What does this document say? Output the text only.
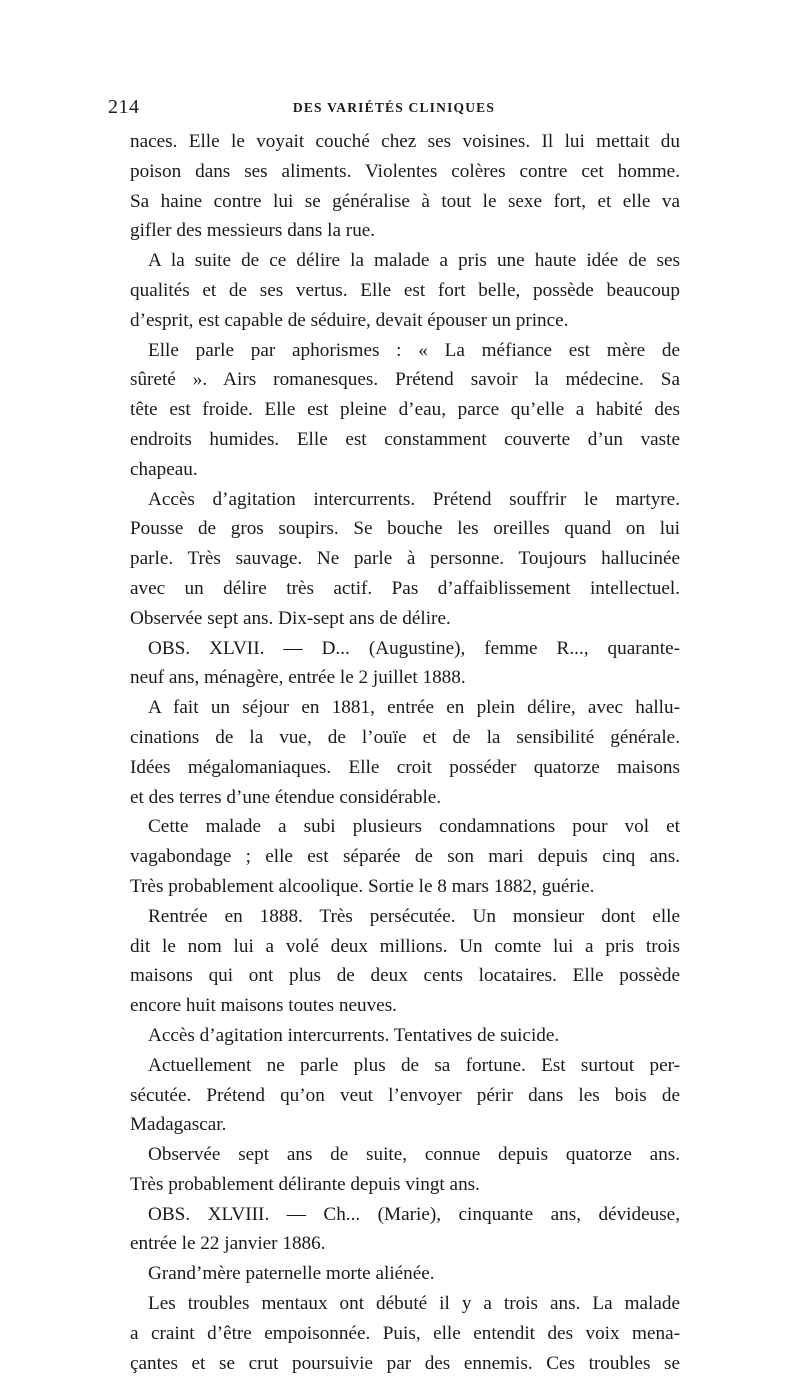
214	DES VARIÉTÉS CLINIQUES
naces. Elle le voyait couché chez ses voisines. Il lui mettait du
poison dans ses aliments. Violentes colères contre cet homme.
Sa haine contre lui se généralise à tout le sexe fort, et elle va
gifler des messieurs dans la rue.
A la suite de ce délire la malade a pris une haute idée de ses
qualités et de ses vertus. Elle est fort belle, possède beaucoup
d’esprit, est capable de séduire, devait épouser un prince.
Elle parle par aphorismes : « La méfiance est mère de
sûreté ». Airs romanesques. Prétend savoir la médecine. Sa
tête est froide. Elle est pleine d’eau, parce qu’elle a habité des
endroits humides. Elle est constamment couverte d’un vaste
chapeau.
Accès d’agitation intercurrents. Prétend souffrir le martyre.
Pousse de gros soupirs. Se bouche les oreilles quand on lui
parle. Très sauvage. Ne parle à personne. Toujours hallucinée
avec un délire très actif. Pas d’affaiblissement intellectuel.
Observée sept ans. Dix-sept ans de délire.
OBS. XLVII. — D... (Augustine), femme R..., quarante-
neuf ans, ménagère, entrée le 2 juillet 1888.
A fait un séjour en 1881, entrée en plein délire, avec hallu-
cinations de la vue, de l’ouïe et de la sensibilité générale.
Idées mégalomaniaques. Elle croit posséder quatorze maisons
et des terres d’une étendue considérable.
Cette malade a subi plusieurs condamnations pour vol et
vagabondage ; elle est séparée de son mari depuis cinq ans.
Très probablement alcoolique. Sortie le 8 mars 1882, guérie.
Rentrée en 1888. Très persécutée. Un monsieur dont elle
dit le nom lui a volé deux millions. Un comte lui a pris trois
maisons qui ont plus de deux cents locataires. Elle possède
encore huit maisons toutes neuves.
Accès d’agitation intercurrents. Tentatives de suicide.
Actuellement ne parle plus de sa fortune. Est surtout per-
sécutée. Prétend qu’on veut l’envoyer périr dans les bois de
Madagascar.
Observée sept ans de suite, connue depuis quatorze ans.
Très probablement délirante depuis vingt ans.
OBS. XLVIII. — Ch... (Marie), cinquante ans, dévideuse,
entrée le 22 janvier 1886.
Grand’mère paternelle morte aliénée.
Les troubles mentaux ont débuté il y a trois ans. La malade
a craint d’être empoisonnée. Puis, elle entendit des voix mena-
çantes et se crut poursuivie par des ennemis. Ces troubles se
